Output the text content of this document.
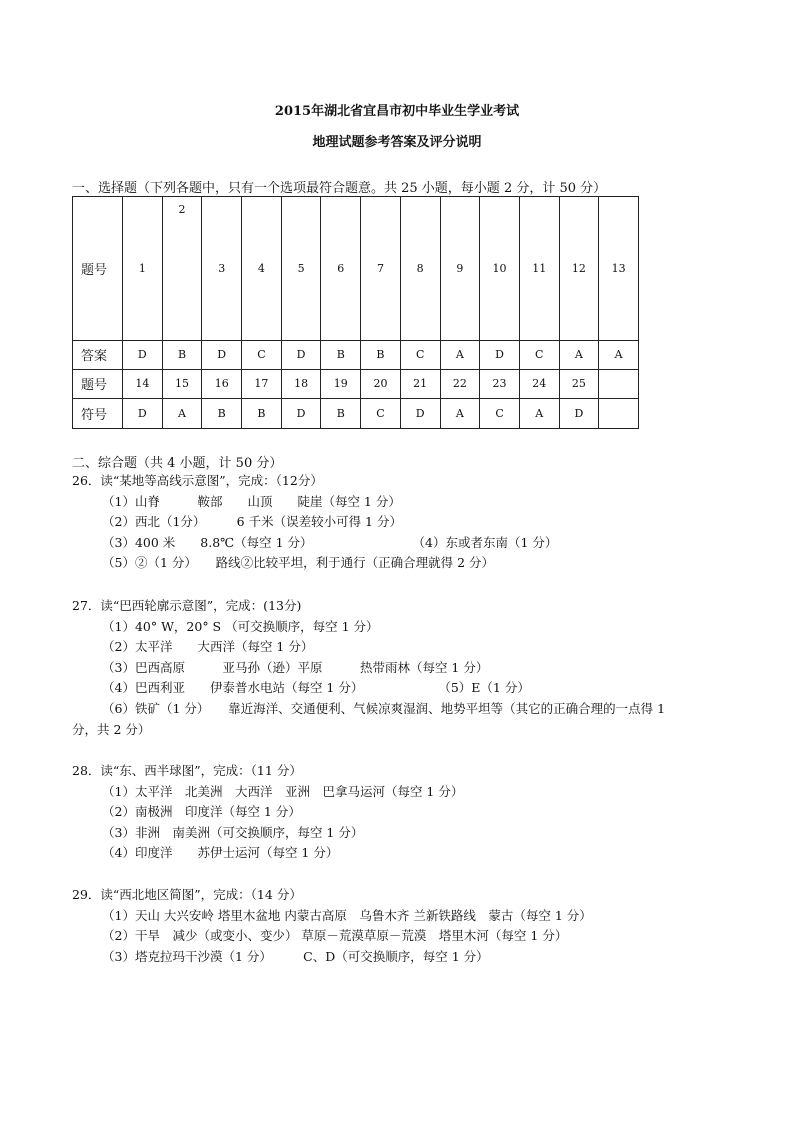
2015年湖北省宜昌市初中毕业生学业考试
地理试题参考答案及评分说明
一、选择题（下列各题中，只有一个选项最符合题意。共 25 小题，每小题 2 分，计 50 分）
题号	1	2	3	4	5	6	7	8	9	10	11	12	13
答案	D	B	D	C	D	B	B	C	A	D	C	A	A
题号	14	15	16	17	18	19	20	21	22	23	24	25	
符号	D	A	B	B	D	B	C	D	A	C	A	D	
二、综合题（共 4 小题，计 50 分）
26．读“某地等高线示意图”，完成：（12分）
（1）山脊　　　鞍部　　山顶　　陡崖（每空 1 分）
（2）西北（1分）　　　6 千米（误差较小可得 1 分）
（3）400 米　　8.8℃（每空 1 分）　　　　　　　　　（4）东或者东南（1 分）
（5）②（1 分）　　路线②比较平坦，利于通行（正确合理就得 2 分）
27．读“巴西轮廓示意图”，完成：(13分)
（1）40° W，20° S （可交换顺序，每空 1 分）
（2）太平洋　　大西洋（每空 1 分）
（3）巴西高原　　　亚马孙（逊）平原　　　热带雨林（每空 1 分）
（4）巴西利亚　　伊泰普水电站（每空 1 分）　　　　　　　（5）E（1 分）
（6）铁矿（1 分）　　靠近海洋、交通便利、气候凉爽湿润、地势平坦等（其它的正确合理的一点得 1
分，共 2 分）
28．读“东、西半球图”，完成：（11 分）
（1）太平洋　北美洲　大西洋　亚洲　巴拿马运河（每空 1 分）
（2）南极洲　印度洋（每空 1 分）
（3）非洲　南美洲（可交换顺序，每空 1 分）
（4）印度洋　　苏伊士运河（每空 1 分）
29．读“西北地区简图”，完成：（14 分）
（1）天山 大兴安岭 塔里木盆地 内蒙古高原　乌鲁木齐 兰新铁路线　蒙古（每空 1 分）
（2）干旱　减少（或变小、变少） 草原－荒漠草原－荒漠　塔里木河（每空 1 分）
（3）塔克拉玛干沙漠（1 分）　　　C、D（可交换顺序，每空 1 分）
